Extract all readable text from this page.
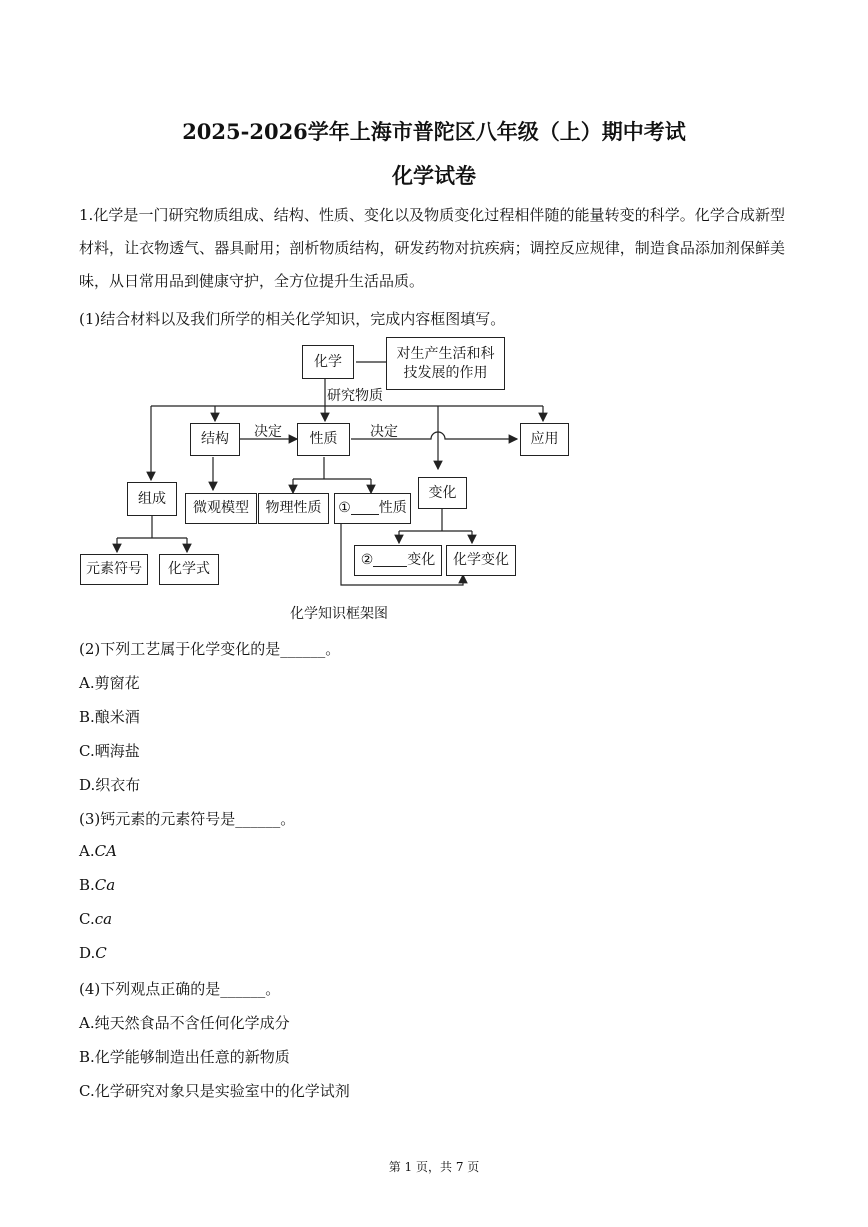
2025-2026学年上海市普陀区八年级（上）期中考试
化学试卷
1.化学是一门研究物质组成、结构、性质、变化以及物质变化过程相伴随的能量转变的科学。化学合成新型材料，让衣物透气、器具耐用；剖析物质结构，研发药物对抗疾病；调控反应规律，制造食品添加剂保鲜美味，从日常用品到健康守护，全方位提升生活品质。
(1)结合材料以及我们所学的相关化学知识，完成内容框图填写。
化学	对生产生活和科技发展的作用
研究物质
结构	决定	性质	决定	应用
组成
微观模型	物理性质	① 性质
变化
② 变化	化学变化
元素符号	化学式
化学知识框架图
(2)下列工艺属于化学变化的是______。
A.剪窗花
B.酿米酒
C.晒海盐
D.织衣布
(3)钙元素的元素符号是______。
A.CA
B.Ca
C.ca
D.C
(4)下列观点正确的是______。
A.纯天然食品不含任何化学成分
B.化学能够制造出任意的新物质
C.化学研究对象只是实验室中的化学试剂
第 1 页，共 7 页
